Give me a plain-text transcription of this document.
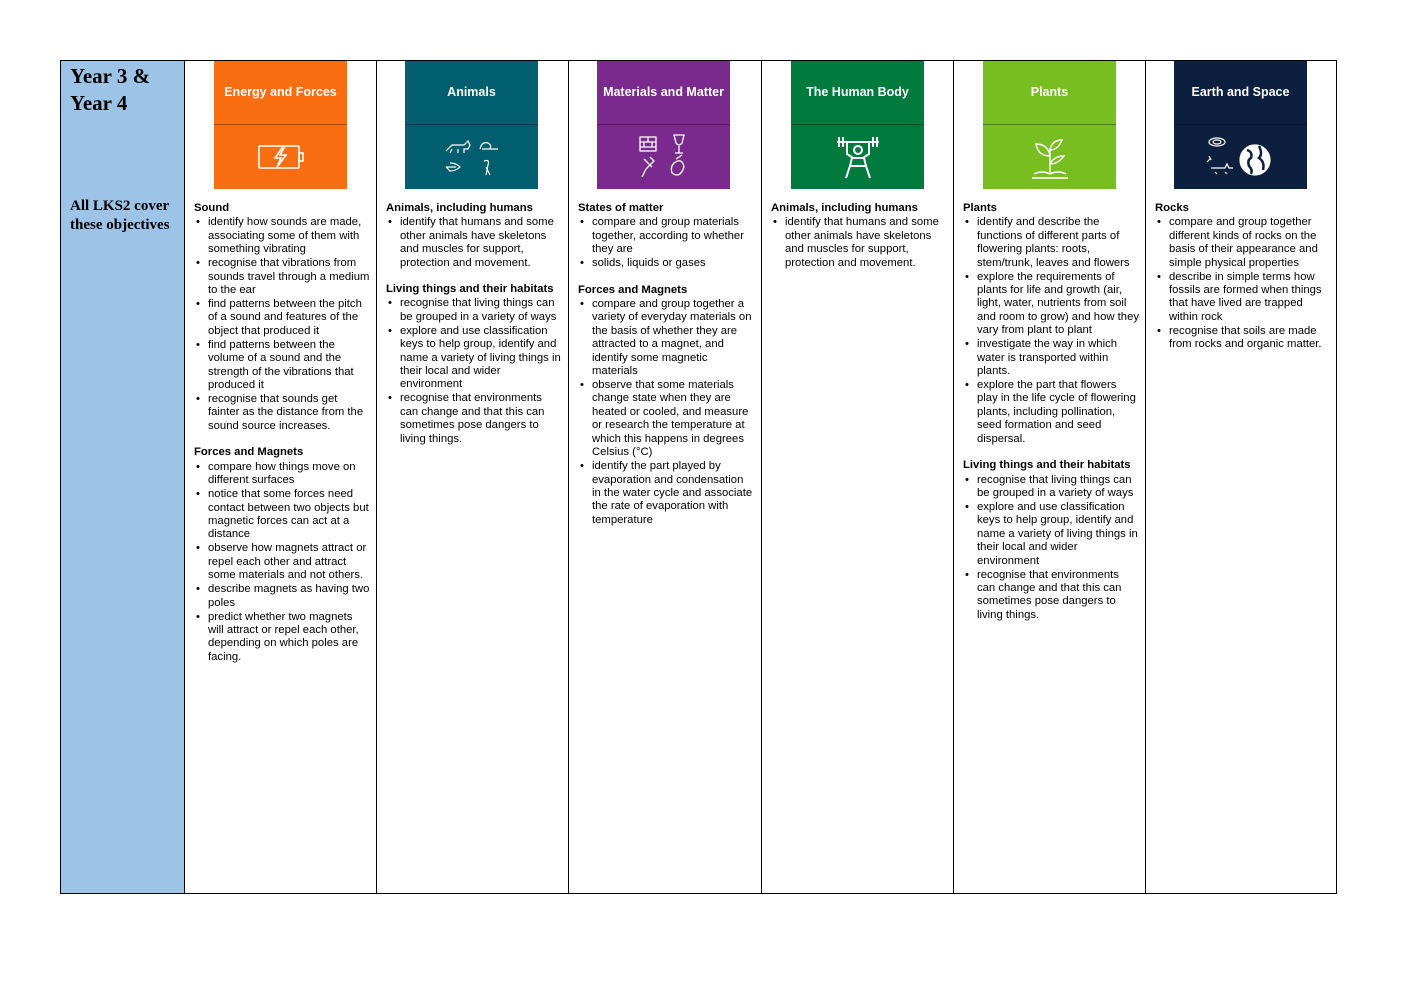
Year 3 &

Year 4

All LKS2 cover these objectives
Energy and Forces

Sound

• identify how sounds are made, associating some of them with something vibrating
• recognise that vibrations from sounds travel through a medium to the ear
• find patterns between the pitch of a sound and features of the object that produced it
• find patterns between the volume of a sound and the strength of the vibrations that produced it
• recognise that sounds get fainter as the distance from the sound source increases.

Forces and Magnets

• compare how things move on different surfaces
• notice that some forces need contact between two objects but magnetic forces can act at a distance
• observe how magnets attract or repel each other and attract some materials and not others.
• describe magnets as having two poles
• predict whether two magnets will attract or repel each other, depending on which poles are facing.
Animals

Animals, including humans

• identify that humans and some other animals have skeletons and muscles for support, protection and movement.

Living things and their habitats

• recognise that living things can be grouped in a variety of ways
• explore and use classification keys to help group, identify and name a variety of living things in their local and wider environment
• recognise that environments can change and that this can sometimes pose dangers to living things.
Materials and Matter

States of matter

• compare and group materials together, according to whether they are
• solids, liquids or gases

Forces and Magnets

• compare and group together a variety of everyday materials on the basis of whether they are attracted to a magnet, and identify some magnetic materials
• observe that some materials change state when they are heated or cooled, and measure or research the temperature at which this happens in degrees Celsius (°C)
• identify the part played by evaporation and condensation in the water cycle and associate the rate of evaporation with temperature
The Human Body

Animals, including humans

• identify that humans and some other animals have skeletons and muscles for support, protection and movement.
Plants

Plants

• identify and describe the functions of different parts of flowering plants: roots, stem/trunk, leaves and flowers
• explore the requirements of plants for life and growth (air, light, water, nutrients from soil and room to grow) and how they vary from plant to plant
• investigate the way in which water is transported within plants.
• explore the part that flowers play in the life cycle of flowering plants, including pollination, seed formation and seed dispersal.

Living things and their habitats

• recognise that living things can be grouped in a variety of ways
• explore and use classification keys to help group, identify and name a variety of living things in their local and wider environment
• recognise that environments can change and that this can sometimes pose dangers to living things.
Earth and Space

Rocks

• compare and group together different kinds of rocks on the basis of their appearance and simple physical properties
• describe in simple terms how fossils are formed when things that have lived are trapped within rock
• recognise that soils are made from rocks and organic matter.
